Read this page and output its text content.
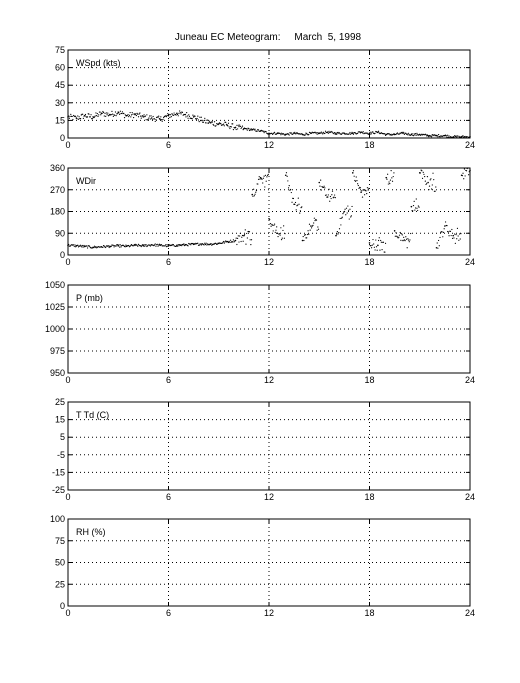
Juneau EC Meteogram:     March  5, 1998
0	6	12	18	24
0
15
30
45
60
75
WSpd (kts)
0	6	12	18	24
0
90
180
270
360
WDir
0	6	12	18	24
950
975
1000
1025
1050
P (mb)
0	6	12	18	24
-25
-15
-5
5
15
25
T Td (C)
0	6	12	18	24
0
25
50
75
100
RH (%)
